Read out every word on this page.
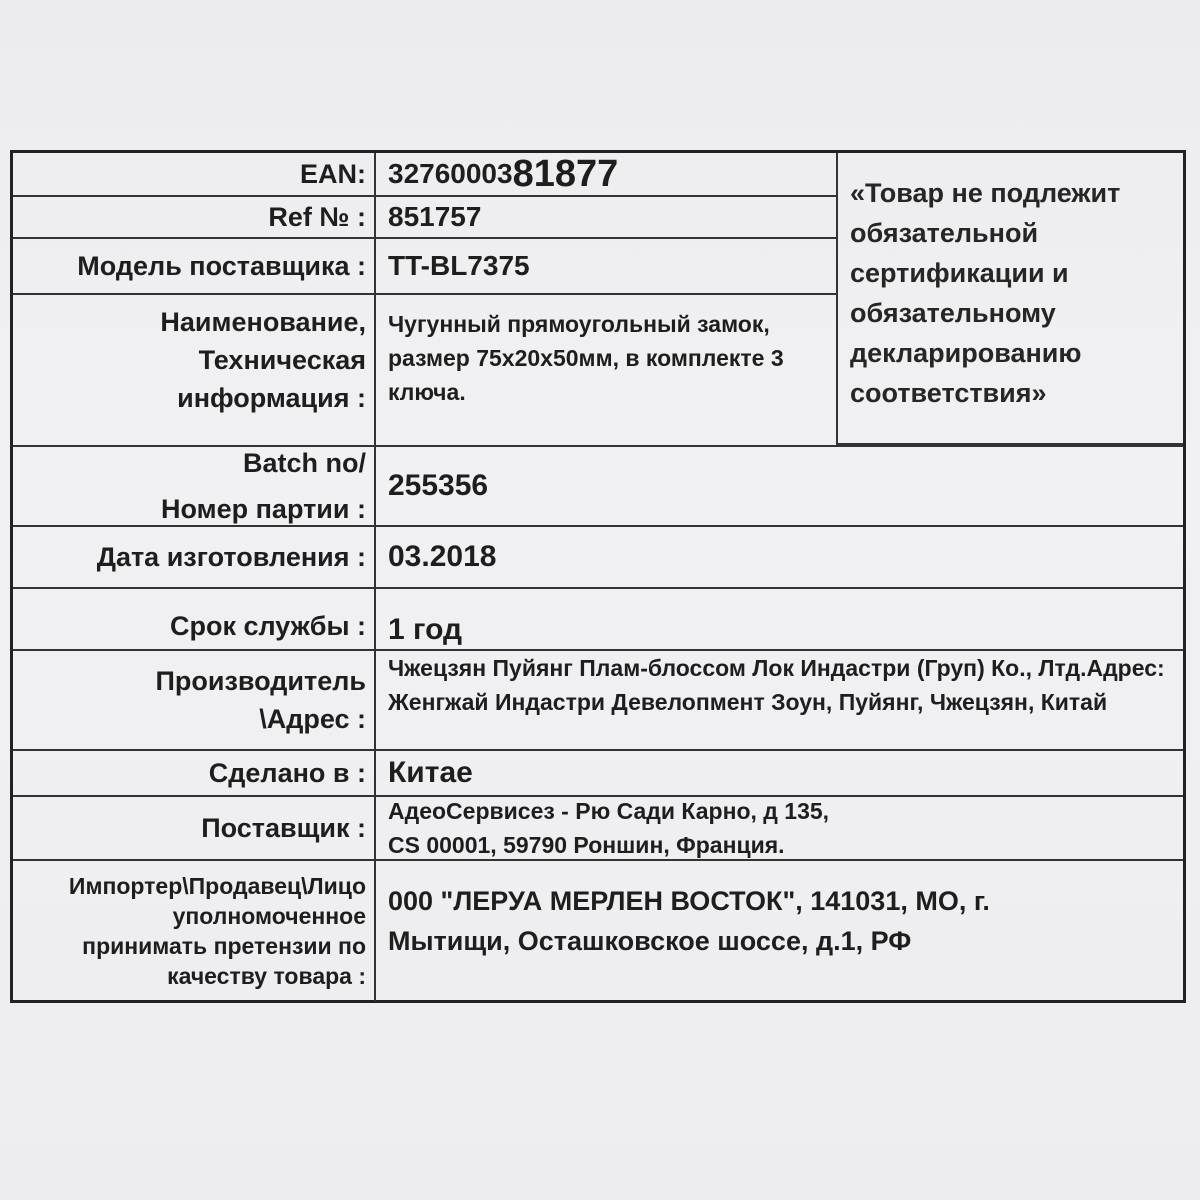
EAN: 32760003 81877
Ref № : 851757
Модель поставщика : TT-BL7375
Наименование,
Техническая
информация :
Чугунный прямоугольный замок, размер 75х20х50мм, в комплекте 3 ключа.
«Товар не подлежит обязательной сертификации и обязательному декларированию соответствия»
Batch no/
Номер партии :
255356
Дата изготовления : 03.2018
Срок службы : 1 год
Производитель
\Адрес :
Чжецзян Пуйянг Плам-блоссом Лок Индастри (Груп) Ко., Лтд.Адрес: Женгжай Индастри Девелопмент Зоун, Пуйянг, Чжецзян, Китай
Сделано в : Китае
Поставщик :
АдеоСервисез - Рю Сади Карно, д 135,
CS 00001, 59790 Роншин, Франция.
Импортер\Продавец\Лицо
уполномоченное
принимать претензии по
качеству товара :
000 "ЛЕРУА МЕРЛЕН ВОСТОК", 141031, МО, г. Мытищи, Осташковское шоссе, д.1, РФ
